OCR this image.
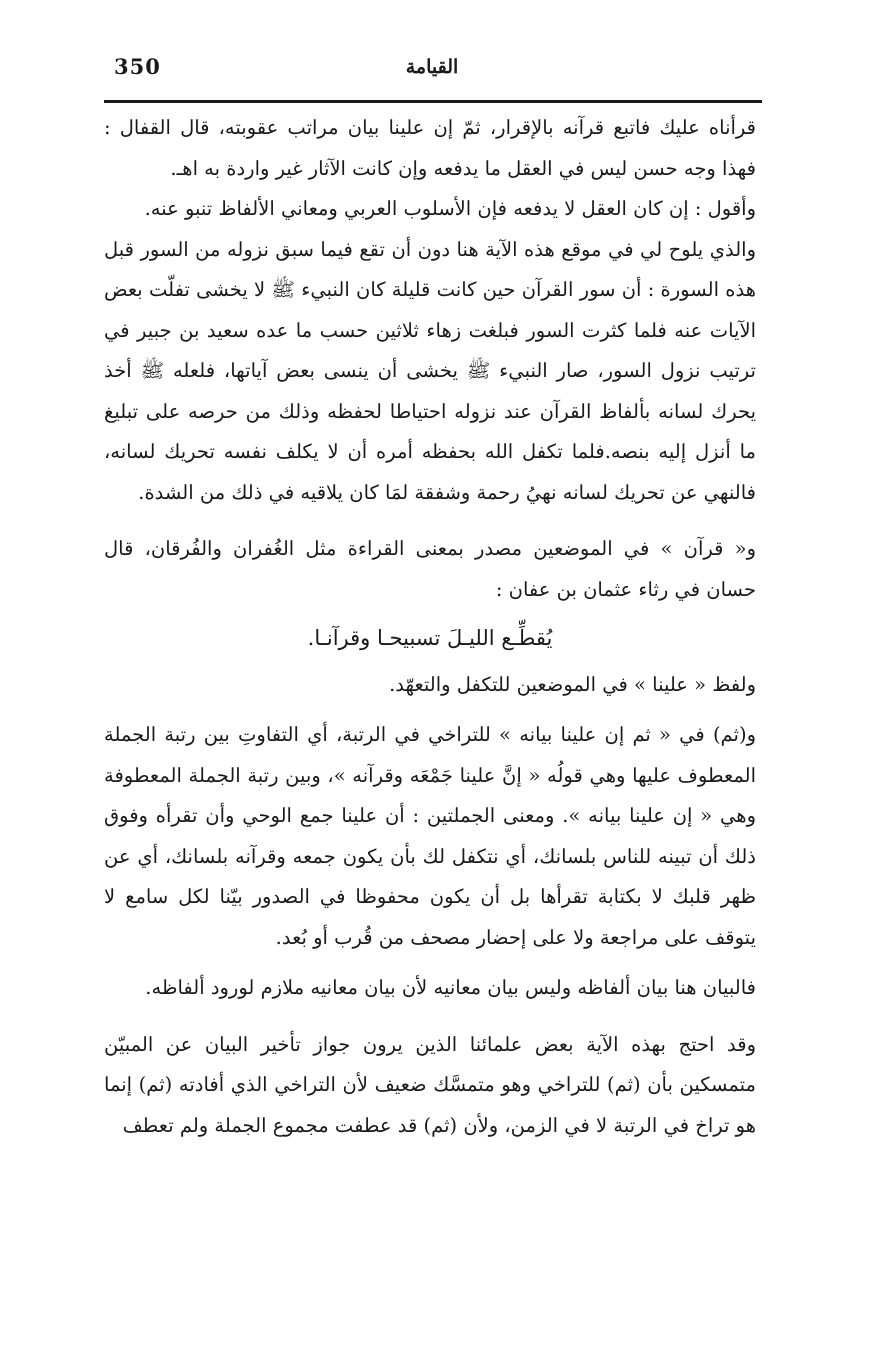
350	القيامة

قرأناه عليك فاتبع قرآنه بالإقرار، ثمّ إن علينا بيان مراتب عقوبته، قال القفال : فهذا وجه حسن ليس في العقل ما يدفعه وإن كانت الآثار غير واردة به اهـ.

وأقول : إن كان العقل لا يدفعه فإن الأسلوب العربي ومعاني الألفاظ تنبو عنه.

والذي يلوح لي في موقع هذه الآية هنا دون أن تقع فيما سبق نزوله من السور قبل هذه السورة : أن سور القرآن حين كانت قليلة كان النبيء ﷺ لا يخشى تفلّت بعض الآيات عنه فلما كثرت السور فبلغت زهاء ثلاثين حسب ما عده سعيد بن جبير في ترتيب نزول السور، صار النبيء ﷺ يخشى أن ينسى بعض آياتها، فلعله ﷺ أخذ يحرك لسانه بألفاظ القرآن عند نزوله احتياطا لحفظه وذلك من حرصه على تبليغ ما أنزل إليه بنصه.فلما تكفل الله بحفظه أمره أن لا يكلف نفسه تحريك لسانه، فالنهي عن تحريك لسانه نهيُ رحمة وشفقة لمَا كان يلاقيه في ذلك من الشدة.

و« قرآن » في الموضعين مصدر بمعنى القراءة مثل الغُفران والفُرقان، قال حسان في رثاء عثمان بن عفان :

يُقطِّـع الليـلَ تسبيحـا وقرآنـا.

ولفظ « علينا » في الموضعين للتكفل والتعهّد.

و(ثم) في « ثم إن علينا بيانه » للتراخي في الرتبة، أي التفاوتِ بين رتبة الجملة المعطوف عليها وهي قولُه « إنَّ علينا جَمْعَه وقرآنه »، وبين رتبة الجملة المعطوفة وهي « إن علينا بيانه ». ومعنى الجملتين : أن علينا جمع الوحي وأن تقرأه وفوق ذلك أن تبينه للناس بلسانك، أي نتكفل لك بأن يكون جمعه وقرآنه بلسانك، أي عن ظهر قلبك لا بكتابة تقرأها بل أن يكون محفوظا في الصدور بيّنا لكل سامع لا يتوقف على مراجعة ولا على إحضار مصحف من قُرب أو بُعد.

فالبيان هنا بيان ألفاظه وليس بيان معانيه لأن بيان معانيه ملازم لورود ألفاظه.

وقد احتج بهذه الآية بعض علمائنا الذين يرون جواز تأخير البيان عن المبيّن متمسكين بأن (ثم) للتراخي وهو متمسَّك ضعيف لأن التراخي الذي أفادته (ثم) إنما هو تراخ في الرتبة لا في الزمن، ولأن (ثم) قد عطفت مجموع الجملة ولم تعطف
